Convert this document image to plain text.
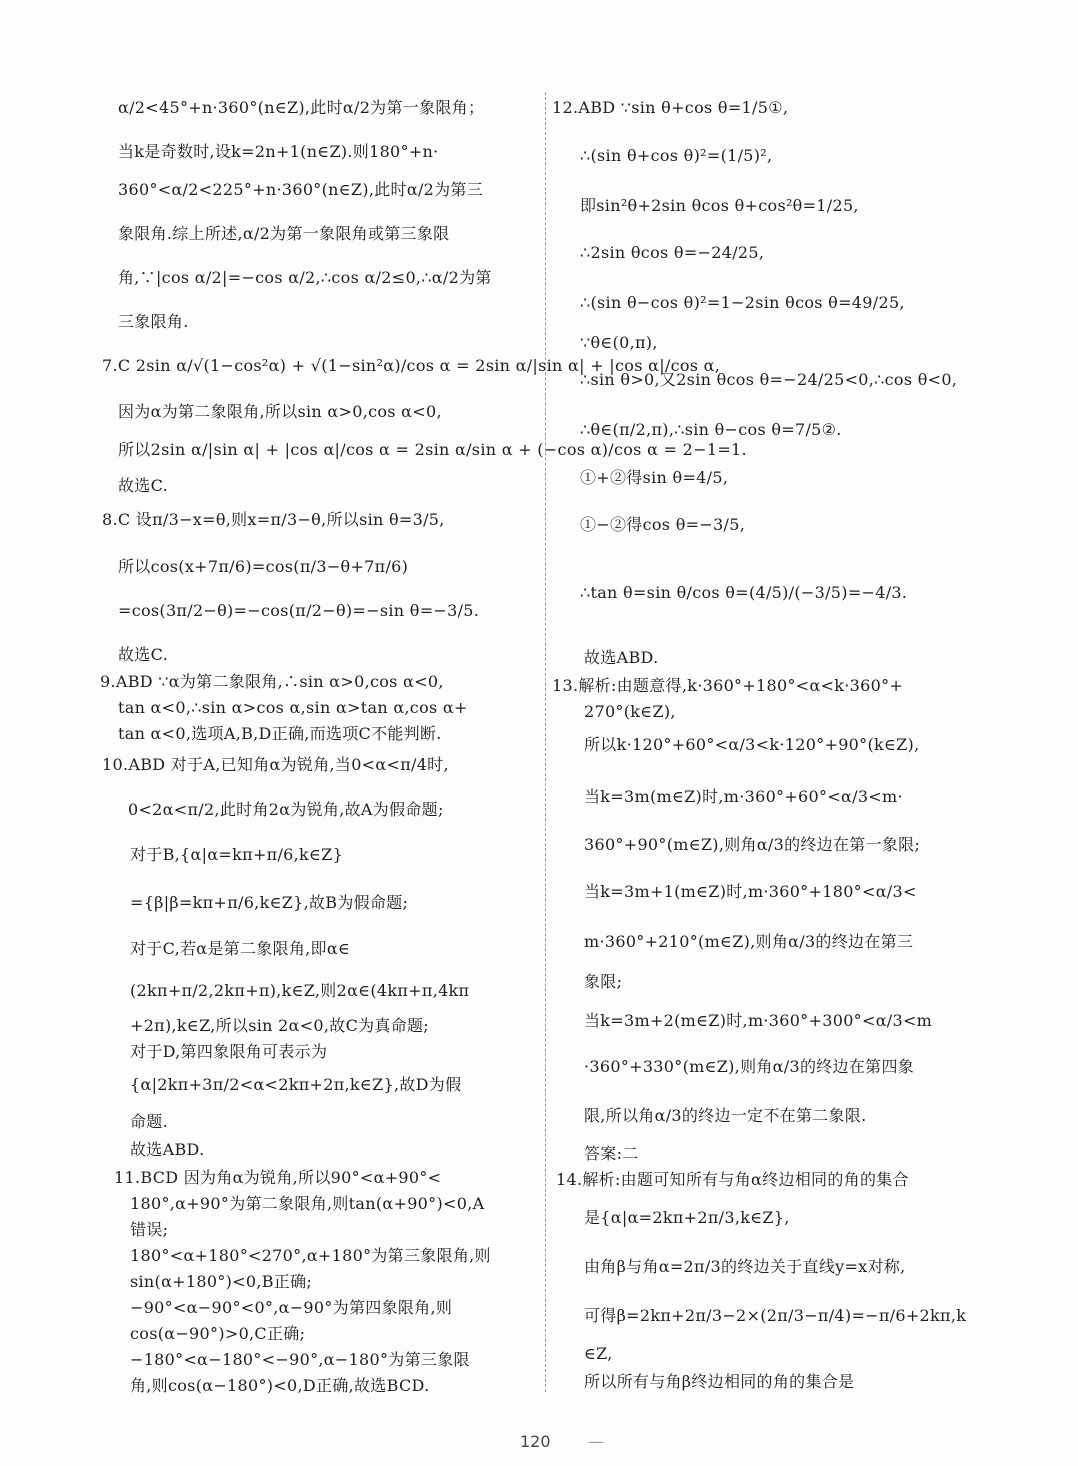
α/2<45°+n·360°(n∈Z),此时α/2为第一象限角；
当k是奇数时,设k=2n+1(n∈Z).则180°+n·
360°<α/2<225°+n·360°(n∈Z),此时α/2为第三
象限角.综上所述,α/2为第一象限角或第三象限
角,∵|cos α/2|=−cos α/2,∴cos α/2≤0,∴α/2为第
三象限角.
7.C 2sin α/√(1−cos²α) + √(1−sin²α)/cos α = 2sin α/|sin α| + |cos α|/cos α,
因为α为第二象限角,所以sin α>0,cos α<0,
所以2sin α/|sin α| + |cos α|/cos α = 2sin α/sin α + (−cos α)/cos α = 2−1=1.
故选C.
8.C 设π/3−x=θ,则x=π/3−θ,所以sin θ=3/5,
所以cos(x+7π/6)=cos(π/3−θ+7π/6)
=cos(3π/2−θ)=−cos(π/2−θ)=−sin θ=−3/5.
故选C.
9.ABD ∵α为第二象限角,∴sin α>0,cos α<0,
tan α<0,∴sin α>cos α,sin α>tan α,cos α+
tan α<0,选项A,B,D正确,而选项C不能判断.
10.ABD 对于A,已知角α为锐角,当0<α<π/4时,
0<2α<π/2,此时角2α为锐角,故A为假命题;
对于B,{α|α=kπ+π/6,k∈Z}
={β|β=kπ+π/6,k∈Z},故B为假命题;
对于C,若α是第二象限角,即α∈
(2kπ+π/2,2kπ+π),k∈Z,则2α∈(4kπ+π,4kπ
+2π),k∈Z,所以sin 2α<0,故C为真命题;
对于D,第四象限角可表示为
{α|2kπ+3π/2<α<2kπ+2π,k∈Z},故D为假
命题.
故选ABD.
11.BCD 因为角α为锐角,所以90°<α+90°<
180°,α+90°为第二象限角,则tan(α+90°)<0,A
错误;
180°<α+180°<270°,α+180°为第三象限角,则
sin(α+180°)<0,B正确;
−90°<α−90°<0°,α−90°为第四象限角,则
cos(α−90°)>0,C正确;
−180°<α−180°<−90°,α−180°为第三象限
角,则cos(α−180°)<0,D正确,故选BCD.
12.ABD ∵sin θ+cos θ=1/5①,
∴(sin θ+cos θ)²=(1/5)²,
即sin²θ+2sin θcos θ+cos²θ=1/25,
∴2sin θcos θ=−24/25,
∴(sin θ−cos θ)²=1−2sin θcos θ=49/25,
∵θ∈(0,π),
∴sin θ>0,又2sin θcos θ=−24/25<0,∴cos θ<0,
∴θ∈(π/2,π),∴sin θ−cos θ=7/5②.
①+②得sin θ=4/5,
①−②得cos θ=−3/5,
∴tan θ=sin θ/cos θ=(4/5)/(−3/5)=−4/3.
故选ABD.
13.解析:由题意得,k·360°+180°<α<k·360°+
270°(k∈Z),
所以k·120°+60°<α/3<k·120°+90°(k∈Z),
当k=3m(m∈Z)时,m·360°+60°<α/3<m·
360°+90°(m∈Z),则角α/3的终边在第一象限;
当k=3m+1(m∈Z)时,m·360°+180°<α/3<
m·360°+210°(m∈Z),则角α/3的终边在第三
象限;
当k=3m+2(m∈Z)时,m·360°+300°<α/3<m
·360°+330°(m∈Z),则角α/3的终边在第四象
限,所以角α/3的终边一定不在第二象限.
答案:二
14.解析:由题可知所有与角α终边相同的角的集合
是{α|α=2kπ+2π/3,k∈Z},
由角β与角α=2π/3的终边关于直线y=x对称,
可得β=2kπ+2π/3−2×(2π/3−π/4)=−π/6+2kπ,k
∈Z,
所以所有与角β终边相同的角的集合是
120 —
